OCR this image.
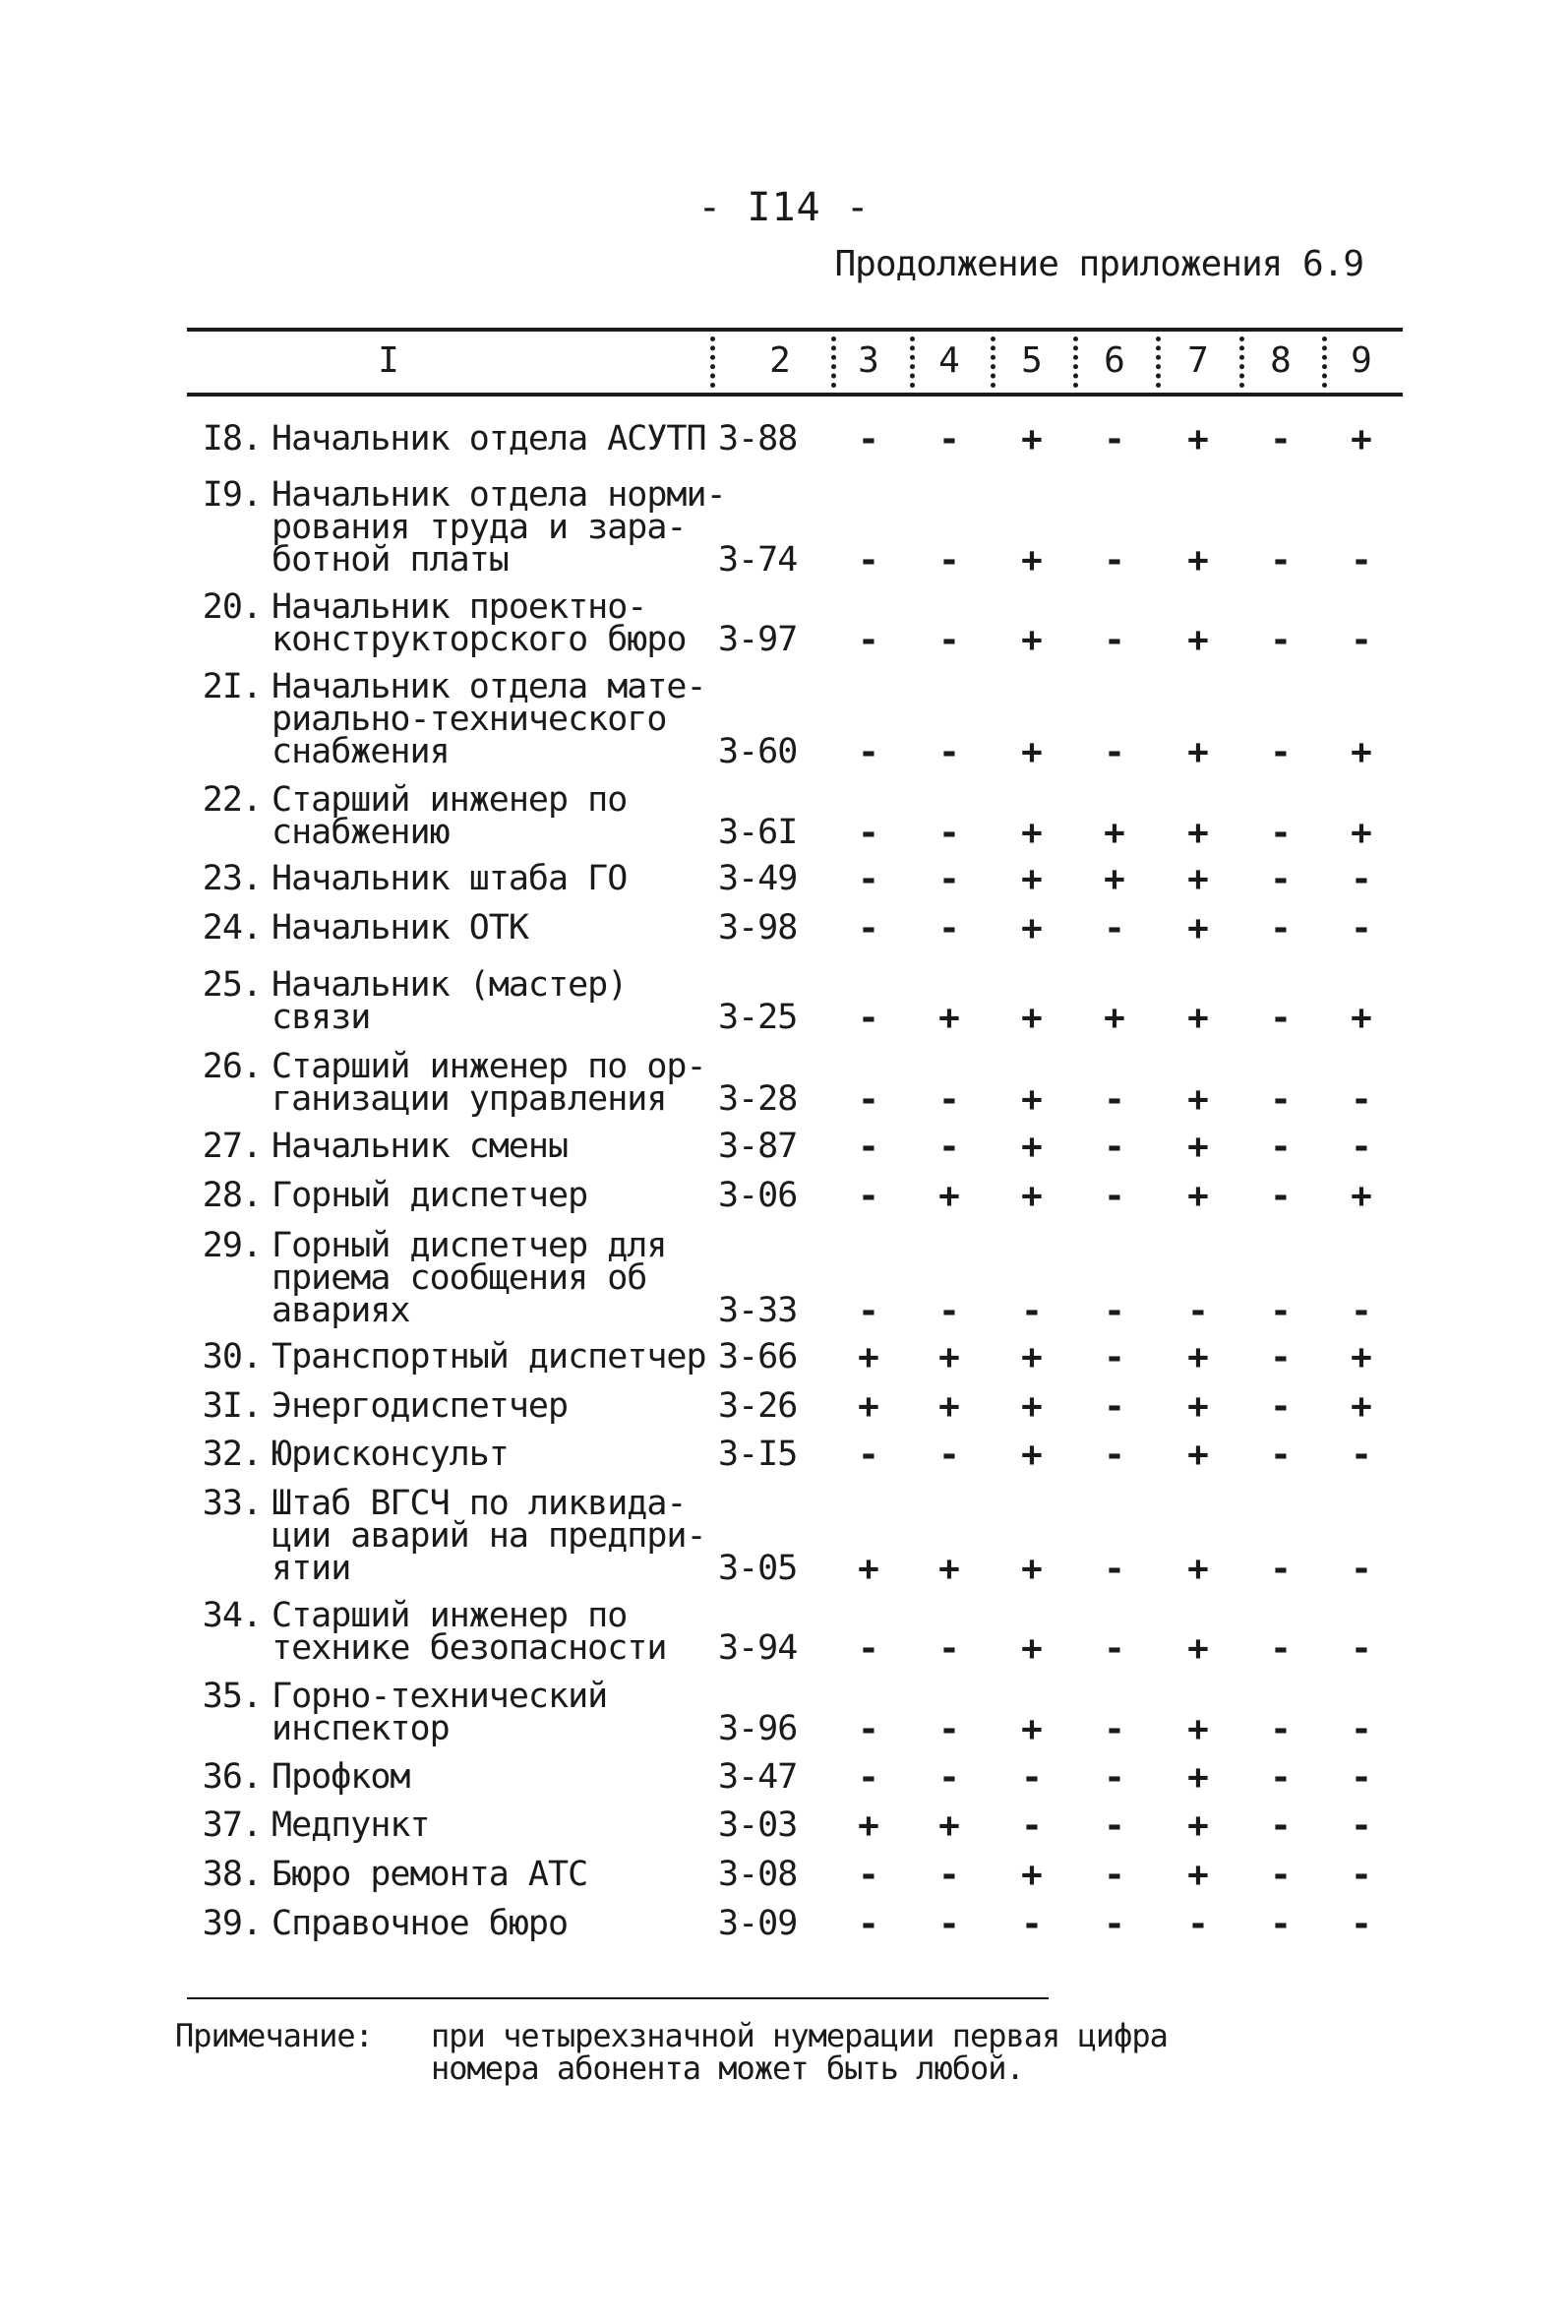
- I14 -
Продолжение приложения 6.9
I	2	3	4	5	6	7	8	9
I8. Начальник отдела АСУТП 3-88	-	-	+	-	+	-	+
I9. Начальник отдела норми-
рования труда и зара-
ботной платы	3-74	-	-	+	-	+	-	-
20. Начальник проектно-
конструкторского бюро 3-97	-	-	+	-	+	-	-
2I. Начальник отдела мате-
риально-технического
снабжения	3-60	-	-	+	-	+	-	+
22. Старший инженер по
снабжению	3-6I	-	-	+	+	+	-	+
23. Начальник штаба ГО	3-49	-	-	+	+	+	-	-
24. Начальник ОТК	3-98	-	-	+	-	+	-	-
25. Начальник (мастер)
связи	3-25	-	+	+	+	+	-	+
26. Старший инженер по ор-
ганизации управления	3-28	-	-	+	-	+	-	-
27. Начальник смены	3-87	-	-	+	-	+	-	-
28. Горный диспетчер	3-06	-	+	+	-	+	-	+
29. Горный диспетчер для
приема сообщения об
авариях	3-33	-	-	-	-	-	-	-
30. Транспортный диспетчер 3-66	+	+	+	-	+	-	+
3I. Энергодиспетчер	3-26	+	+	+	-	+	-	+
32. Юрисконсульт	3-I5	-	-	+	-	+	-	-
33. Штаб ВГСЧ по ликвида-
ции аварий на предпри-
ятии	3-05	+	+	+	-	+	-	-
34. Старший инженер по
технике безопасности	3-94	-	-	+	-	+	-	-
35. Горно-технический
инспектор	3-96	-	-	+	-	+	-	-
36. Профком	3-47	-	-	-	-	+	-	-
37. Медпункт	3-03	+	+	-	-	+	-	-
38. Бюро ремонта АТС	3-08	-	-	+	-	+	-	-
39. Справочное бюро	3-09	-	-	-	-	-	-	-
Примечание: при четырехзначной нумерации первая цифра
номера абонента может быть любой.
